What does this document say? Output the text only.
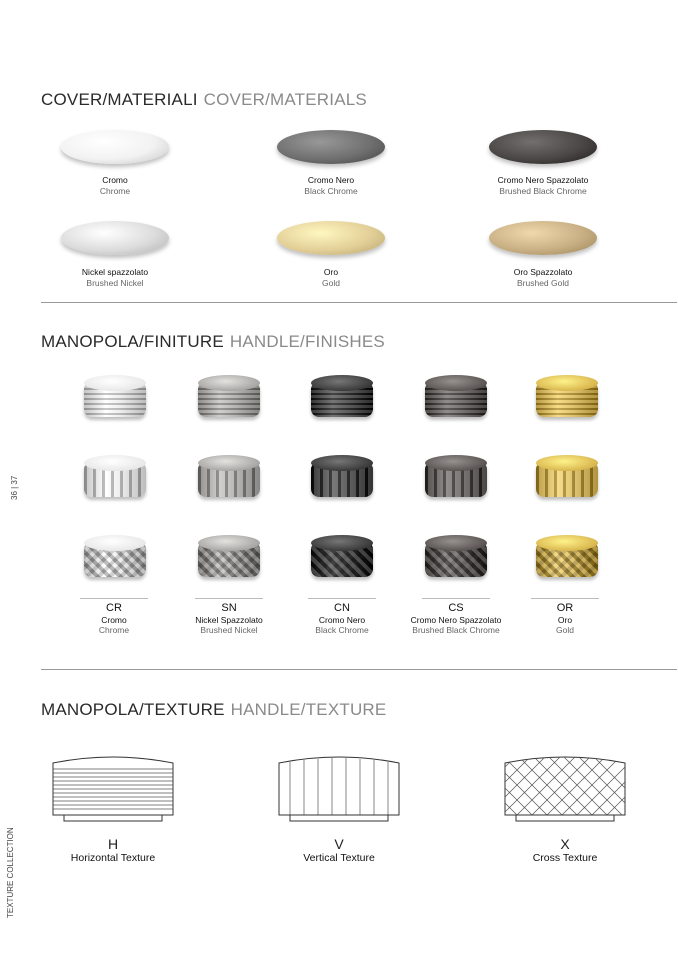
36 | 37
TEXTURE COLLECTION
COVER/MATERIALI COVER/MATERIALS
Cromo
Chrome
Cromo Nero
Black Chrome
Cromo Nero Spazzolato
Brushed Black Chrome
Nickel spazzolato
Brushed Nickel
Oro
Gold
Oro Spazzolato
Brushed Gold
MANOPOLA/FINITURE HANDLE/FINISHES
CR
Cromo
Chrome
SN
Nickel Spazzolato
Brushed Nickel
CN
Cromo Nero
Black Chrome
CS
Cromo Nero Spazzolato
Brushed Black Chrome
OR
Oro
Gold
MANOPOLA/TEXTURE HANDLE/TEXTURE
H
Horizontal Texture
V
Vertical Texture
X
Cross Texture
